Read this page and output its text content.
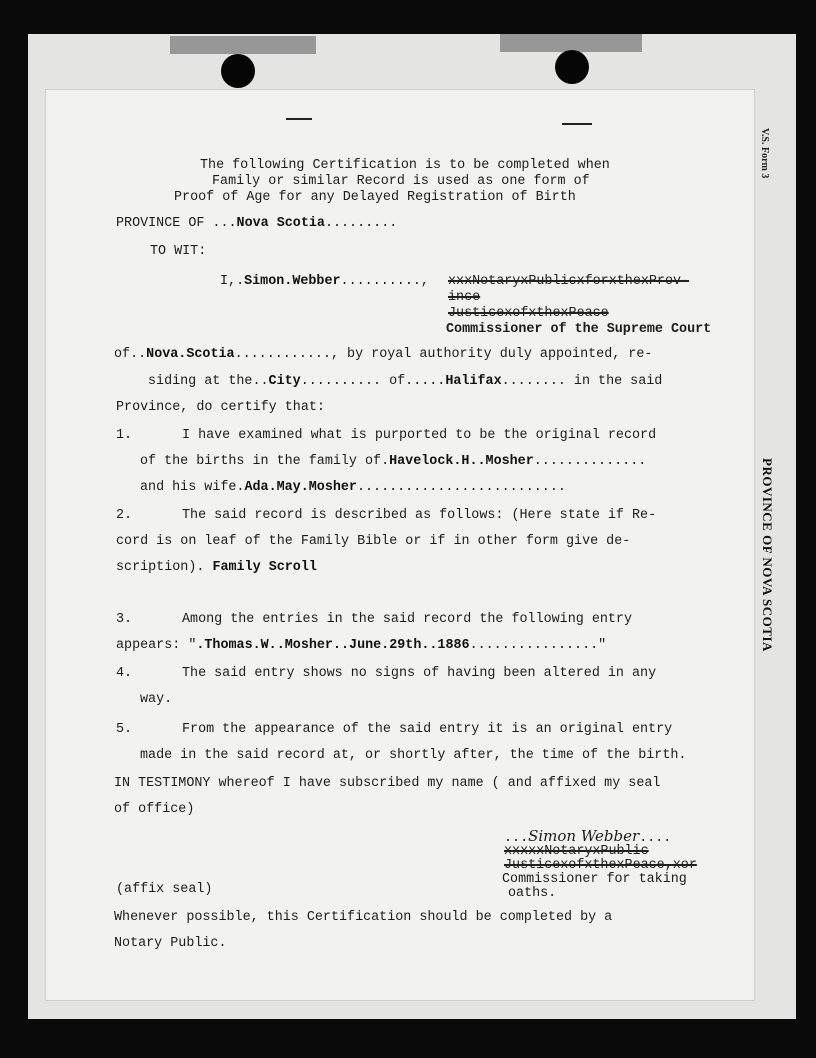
V.S. Form 3
PROVINCE OF NOVA SCOTIA
The following Certification is to be completed when
Family or similar Record is used as one form of
Proof of Age for any Delayed Registration of Birth
PROVINCE OF ...Nova Scotia.........
TO WIT:
I,.Simon.Webber.........., xxxNotaryxPublicxforxthexProv-
ince
JusticexofxthexPeace
Commissioner of the Supreme Court
of..Nova.Scotia............, by royal authority duly appointed, re-
siding at the..City.......... of.....Halifax........ in the said
Province, do certify that:
1.	I have examined what is purported to be the original record
of the births in the family of.Havelock.H..Mosher..............
and his wife.Ada.May.Mosher..........................
2.	The said record is described as follows: (Here state if Re-
cord is on leaf of the Family Bible or if in other form give de-
scription). Family Scroll
3.	Among the entries in the said record the following entry
appears: ".Thomas.W..Mosher..June.29th..1886................"
4.	The said entry shows no signs of having been altered in any
way.
5.	From the appearance of the said entry it is an original entry
made in the said record at, or shortly after, the time of the birth.
IN TESTIMONY whereof I have subscribed my name ( and affixed my seal
of office)
...Simon Webber....
xxxxxNotaryxPublic
JusticexofxthexPeace,xor
Commissioner for taking
oaths.
(affix seal)
Whenever possible, this Certification should be completed by a
Notary Public.
